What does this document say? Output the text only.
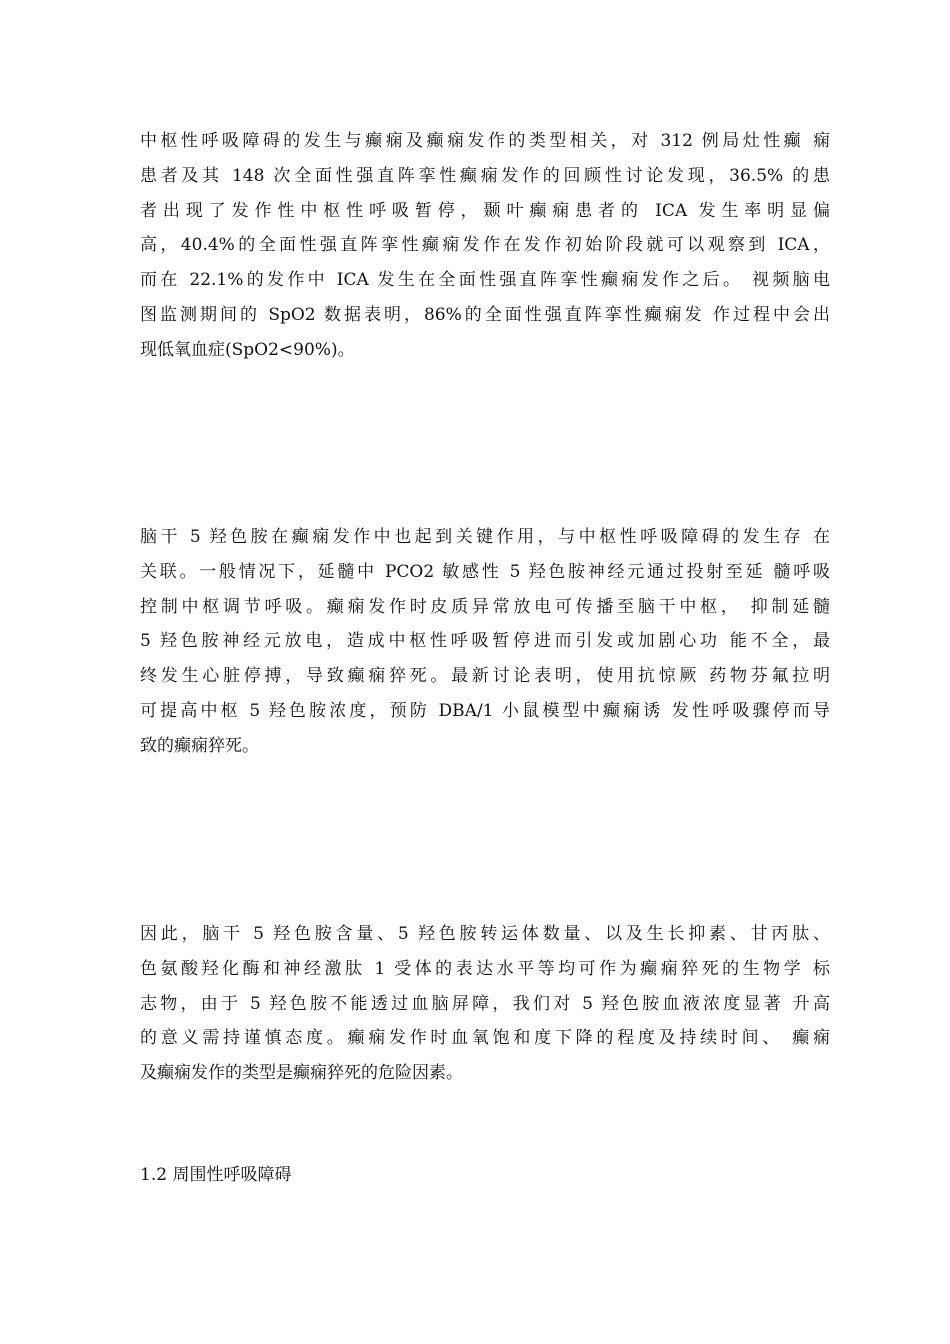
中枢性呼吸障碍的发生与癫痫及癫痫发作的类型相关，对 312 例局灶性癫 痫
患者及其 148 次全面性强直阵挛性癫痫发作的回顾性讨论发现，36.5% 的患
者出现了发作性中枢性呼吸暂停，颞叶癫痫患者的 ICA 发生率明显偏
高，40.4%的全面性强直阵挛性癫痫发作在发作初始阶段就可以观察到 ICA，
而在 22.1%的发作中 ICA 发生在全面性强直阵挛性癫痫发作之后。 视频脑电
图监测期间的 SpO2 数据表明，86%的全面性强直阵挛性癫痫发 作过程中会出
现低氧血症(SpO2<90%)。
脑干 5 羟色胺在癫痫发作中也起到关键作用，与中枢性呼吸障碍的发生存 在
关联。一般情况下，延髓中 PCO2 敏感性 5 羟色胺神经元通过投射至延 髓呼吸
控制中枢调节呼吸。癫痫发作时皮质异常放电可传播至脑干中枢， 抑制延髓
5 羟色胺神经元放电，造成中枢性呼吸暂停进而引发或加剧心功 能不全，最
终发生心脏停搏，导致癫痫猝死。最新讨论表明，使用抗惊厥 药物芬氟拉明
可提高中枢 5 羟色胺浓度，预防 DBA/1 小鼠模型中癫痫诱 发性呼吸骤停而导
致的癫痫猝死。
因此，脑干 5 羟色胺含量、5 羟色胺转运体数量、以及生长抑素、甘丙肽、
色氨酸羟化酶和神经激肽 1 受体的表达水平等均可作为癫痫猝死的生物学 标
志物，由于 5 羟色胺不能透过血脑屏障，我们对 5 羟色胺血液浓度显著 升高
的意义需持谨慎态度。癫痫发作时血氧饱和度下降的程度及持续时间、 癫痫
及癫痫发作的类型是癫痫猝死的危险因素。
1.2 周围性呼吸障碍
